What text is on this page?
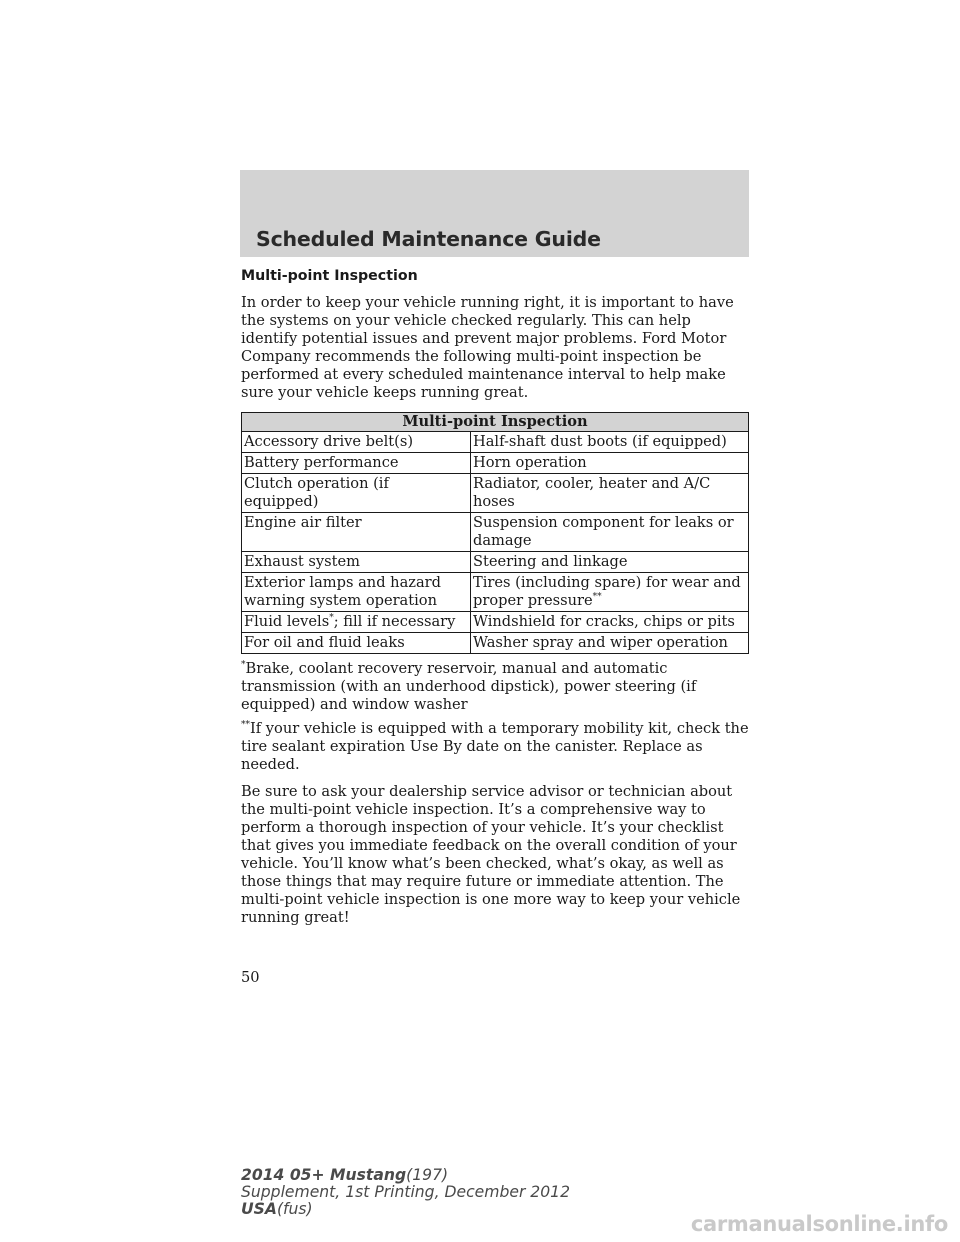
Scheduled Maintenance Guide
Multi-point Inspection

In order to keep your vehicle running right, it is important to have the systems on your vehicle checked regularly. This can help identify potential issues and prevent major problems. Ford Motor Company recommends the following multi-point inspection be performed at every scheduled maintenance interval to help make sure your vehicle keeps running great.

Multi-point Inspection	
Accessory drive belt(s)	Half-shaft dust boots (if equipped)
Battery performance	Horn operation
Clutch operation (if equipped)	Radiator, cooler, heater and A/C hoses
Engine air filter	Suspension component for leaks or damage
Exhaust system	Steering and linkage
Exterior lamps and hazard warning system operation	Tires (including spare) for wear and proper pressure**
Fluid levels*; fill if necessary	Windshield for cracks, chips or pits
For oil and fluid leaks	Washer spray and wiper operation

*Brake, coolant recovery reservoir, manual and automatic transmission (with an underhood dipstick), power steering (if equipped) and window washer

**If your vehicle is equipped with a temporary mobility kit, check the tire sealant expiration Use By date on the canister. Replace as needed.

Be sure to ask your dealership service advisor or technician about the multi-point vehicle inspection. It’s a comprehensive way to perform a thorough inspection of your vehicle. It’s your checklist that gives you immediate feedback on the overall condition of your vehicle. You’ll know what’s been checked, what’s okay, as well as those things that may require future or immediate attention. The multi-point vehicle inspection is one more way to keep your vehicle running great!

50
2014 05+ Mustang(197)
Supplement, 1st Printing, December 2012
USA(fus)
carmanualsonline.info
